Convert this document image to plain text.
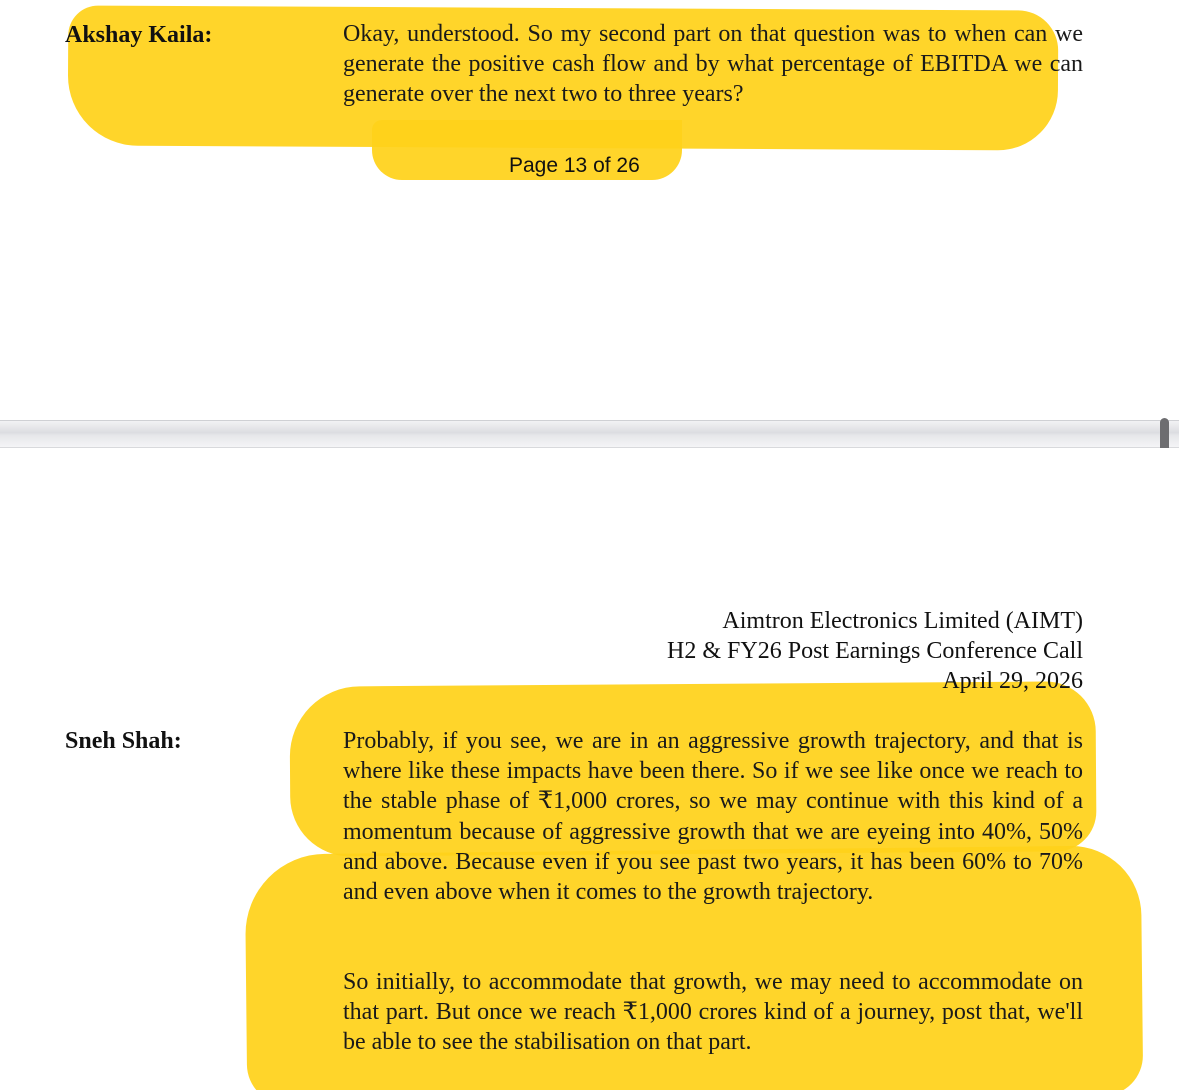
Akshay Kaila:	Okay, understood. So my second part on that question was to when can we generate the positive cash flow and by what percentage of EBITDA we can generate over the next two to three years?
Page 13 of 26
Aimtron Electronics Limited (AIMT)
H2 & FY26 Post Earnings Conference Call
April 29, 2026
Sneh Shah:	Probably, if you see, we are in an aggressive growth trajectory, and that is where like these impacts have been there. So if we see like once we reach to the stable phase of ₹1,000 crores, so we may continue with this kind of a momentum because of aggressive growth that we are eyeing into 40%, 50% and above. Because even if you see past two years, it has been 60% to 70% and even above when it comes to the growth trajectory.
So initially, to accommodate that growth, we may need to accommodate on that part. But once we reach ₹1,000 crores kind of a journey, post that, we'll be able to see the stabilisation on that part.
